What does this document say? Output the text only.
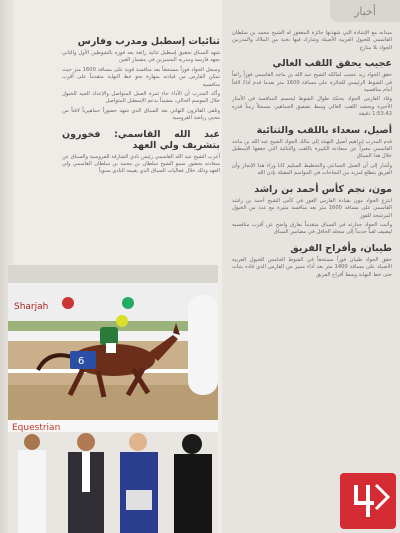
أخبار
ثنائيات إسطبل ومدرب وفارس

شهد السباق تحقيق إسطبل ثنائية رائعة بعد فوزه بالشوطين الأول والثاني بجهد فارسه ومدربه المتميزين في مضمار العين

وسجل الجواد فوزاً مستحقاً بعد منافسة قوية على مسافة 1600 متر حيث تمكن الفارس من قيادته بمهارة نحو خط النهاية متقدماً على أقرب منافسيه

وأكد المدرب أن الأداء جاء ثمرة العمل المتواصل والإعداد الجيد للخيول خلال الموسم الحالي، مشيداً بدعم الإسطبل المتواصل

وتلقى الفائزون التهاني بعد السباق الذي شهد حضوراً جماهيرياً لافتاً من محبي رياضة الفروسية

عبد الله القاسمي: فخورون بتشريف ولي العهد

أعرب الشيخ عبد الله القاسمي رئيس نادي الشارقة للفروسية والسباق عن سعادته بحضور سمو الشيخ سلطان بن محمد بن سلطان القاسمي ولي العهد وذلك خلال فعاليات السباق الذي يقيمه النادي سنوياً

ميدانه مع الإشادة التي شهدتها جائزة المغفور له الشيخ محمد بن سلطان القاسمي للخيول العربية الأصيلة وشارك فيها نخبة من الملاك والمدربين الجواد بلا منازع

عجيب يحقق اللقب الغالي

حقق الجواد زيد عجيب لمالكه الشيخ عبد الله بن ماجد القاسمي فوزاً رائعاً في الشوط الرئيسي للجائزة على مسافة 1600 متر بعدما قدم أداءً لافتاً أمام منافسيه

وقاد الفارس الجواد بحنكة طوال الشوط ليحسم المنافسة في الأمتار الأخيرة ويحصد اللقب الغالي وسط تصفيق الجماهير، مسجلاً زمناً قدره 1:53.42 دقيقة

أصيل، سعداء باللقب والثنائية

قدم المدرب إبراهيم أصيل التهنئة إلى مالك الجواد الشيخ عبد الله بن ماجد القاسمي معبراً عن سعادته الكبيرة باللقب والثنائية التي حققها الإسطبل خلال هذا السباق

وأشار إلى أن العمل الجماعي والتخطيط السليم كانا وراء هذا الإنجاز وأن الفريق يتطلع لمزيد من النجاحات في المواسم المقبلة بإذن الله

مون، نجم كأس أحمد بن راشد

انتزع الجواد مون بقيادة الفارس الفوز في كأس الشيخ أحمد بن راشد القاسمي على مسافة 1600 متر بعد منافسة مثيرة مع عدد من الخيول المرشحة للفوز

وأثبت الجواد جدارته في السباق متقدماً بفارق واضح عن أقرب منافسيه ليضيف لقباً جديداً إلى سجله الحافل في مضامير السباق

طيبان، وأفراح الفريق

حقق الجواد طيبان فوزاً مستحقاً في الشوط الخامس للخيول العربية الأصيلة على مسافة 1400 متر بعد أداء مميز من الفارس الذي قاده بثبات حتى خط النهاية وسط أفراح الفريق

Sharjah
6
Equestrian
